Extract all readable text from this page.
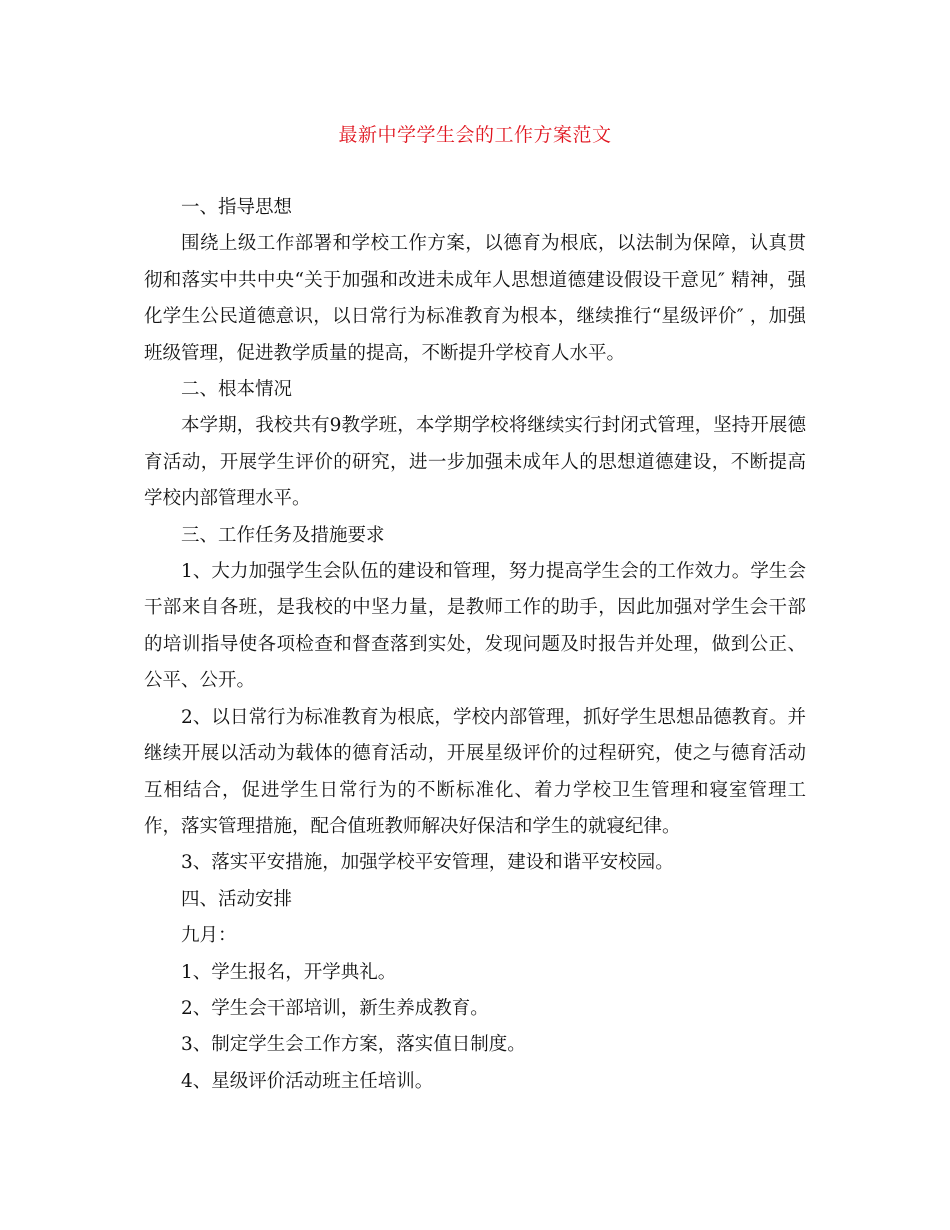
最新中学学生会的工作方案范文

一、指导思想

围绕上级工作部署和学校工作方案，以德育为根底，以法制为保障，认真贯彻和落实中共中央“关于加强和改进未成年人思想道德建设假设干意见″ 精神，强化学生公民道德意识，以日常行为标准教育为根本，继续推行“星级评价″ ，加强班级管理，促进教学质量的提高，不断提升学校育人水平。

二、根本情况

本学期，我校共有9教学班，本学期学校将继续实行封闭式管理，坚持开展德育活动，开展学生评价的研究，进一步加强未成年人的思想道德建设，不断提高学校内部管理水平。

三、工作任务及措施要求

1、大力加强学生会队伍的建设和管理，努力提高学生会的工作效力。学生会干部来自各班，是我校的中坚力量，是教师工作的助手，因此加强对学生会干部的培训指导使各项检查和督查落到实处，发现问题及时报告并处理，做到公正、公平、公开。

2、以日常行为标准教育为根底，学校内部管理，抓好学生思想品德教育。并继续开展以活动为载体的德育活动，开展星级评价的过程研究，使之与德育活动互相结合，促进学生日常行为的不断标准化、着力学校卫生管理和寝室管理工作，落实管理措施，配合值班教师解决好保洁和学生的就寝纪律。

3、落实平安措施，加强学校平安管理，建设和谐平安校园。

四、活动安排

九月：

1、学生报名，开学典礼。

2、学生会干部培训，新生养成教育。

3、制定学生会工作方案，落实值日制度。

4、星级评价活动班主任培训。
